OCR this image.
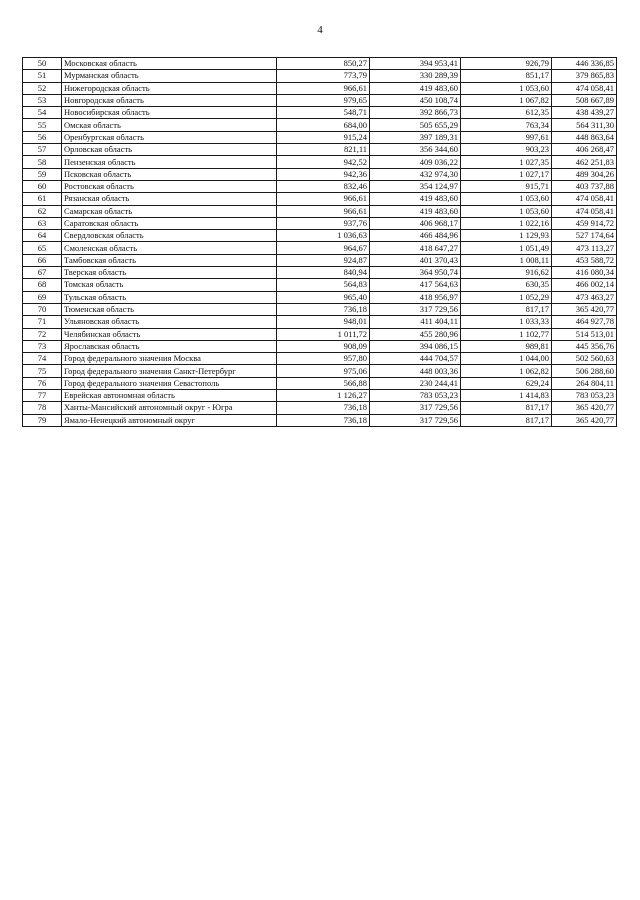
4
50	Московская область	850,27	394 953,41	926,79	446 336,85
51	Мурманская область	773,79	330 289,39	851,17	379 865,83
52	Нижегородская область	966,61	419 483,60	1 053,60	474 058,41
53	Новгородская область	979,65	450 108,74	1 067,82	508 667,89
54	Новосибирская область	548,71	392 866,73	612,35	438 439,27
55	Омская область	684,00	505 655,29	763,34	564 311,30
56	Оренбургская область	915,24	397 189,31	997,61	448 863,64
57	Орловская область	821,11	356 344,60	903,23	406 268,47
58	Пензенская область	942,52	409 036,22	1 027,35	462 251,83
59	Псковская область	942,36	432 974,30	1 027,17	489 304,26
60	Ростовская область	832,46	354 124,97	915,71	403 737,88
61	Рязанская область	966,61	419 483,60	1 053,60	474 058,41
62	Самарская область	966,61	419 483,60	1 053,60	474 058,41
63	Саратовская область	937,76	406 968,17	1 022,16	459 914,72
64	Свердловская область	1 036,63	466 484,96	1 129,93	527 174,64
65	Смоленская область	964,67	418 647,27	1 051,49	473 113,27
66	Тамбовская область	924,87	401 370,43	1 008,11	453 588,72
67	Тверская область	840,94	364 950,74	916,62	416 080,34
68	Томская область	564,83	417 564,63	630,35	466 002,14
69	Тульская область	965,40	418 956,97	1 052,29	473 463,27
70	Тюменская область	736,18	317 729,56	817,17	365 420,77
71	Ульяновская область	948,01	411 404,11	1 033,33	464 927,78
72	Челябинская область	1 011,72	455 280,96	1 102,77	514 513,01
73	Ярославская область	908,09	394 086,15	989,81	445 356,76
74	Город федерального значения Москва	957,80	444 704,57	1 044,00	502 560,63
75	Город федерального значения Санкт-Петербург	975,06	448 003,36	1 062,82	506 288,60
76	Город федерального значения Севастополь	566,88	230 244,41	629,24	264 804,11
77	Еврейская автономная область	1 126,27	783 053,23	1 414,83	783 053,23
78	Ханты-Мансийский автономный округ - Югра	736,18	317 729,56	817,17	365 420,77
79	Ямало-Ненецкий автономный округ	736,18	317 729,56	817,17	365 420,77
